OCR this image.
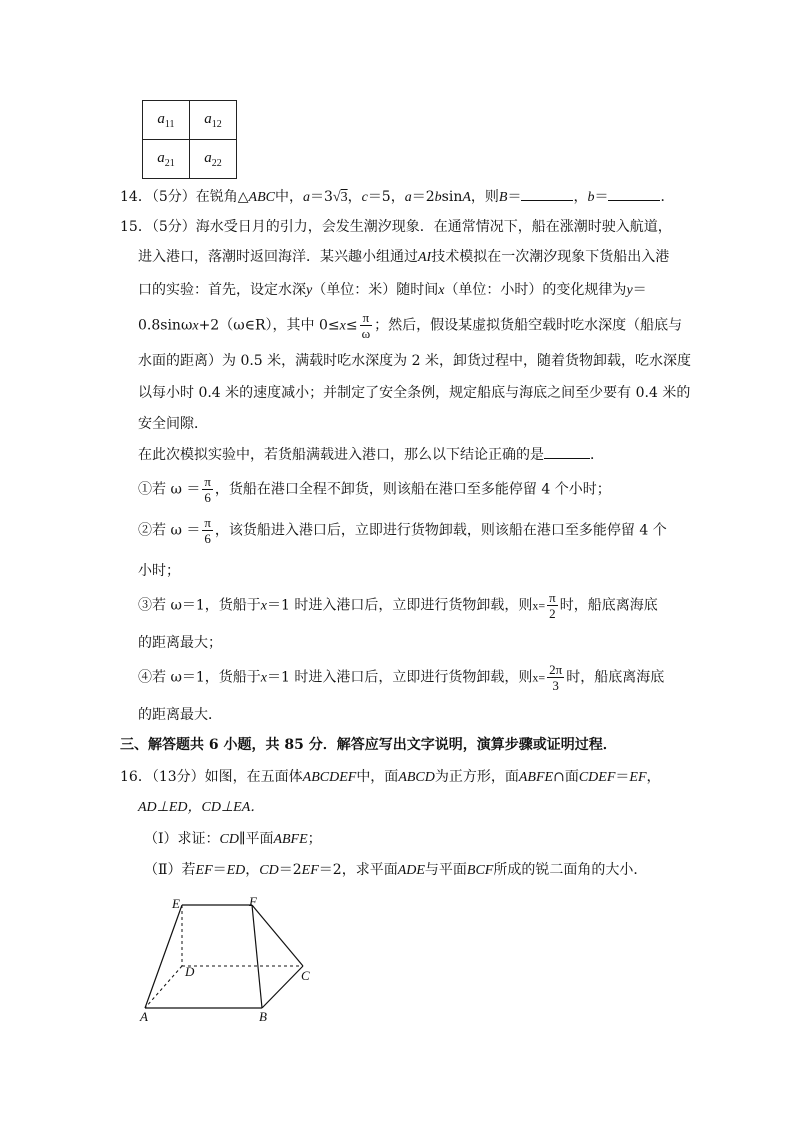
$a_{11}$	$a_{12}$
$a_{21}$	$a_{22}$
14．（5分）在锐角△ABC中，a＝3√3，c＝5，a＝2bsinA，则B＝	，b＝	．
15．（5分）海水受日月的引力，会发生潮汐现象．在通常情况下，船在涨潮时驶入航道，
进入港口，落潮时返回海洋．某兴趣小组通过AI技术模拟在一次潮汐现象下货船出入港
口的实验：首先，设定水深y（单位：米）随时间x（单位：小时）的变化规律为y＝
0.8sinωx+2（ω∈R），其中 $0\le x\le \frac{\pi}{\omega}$ ；然后，假设某虚拟货船空载时吃水深度（船底与
水面的距离）为 0.5 米，满载时吃水深度为 2 米，卸货过程中，随着货物卸载，吃水深度
以每小时 0.4 米的速度减小；并制定了安全条例，规定船底与海底之间至少要有 0.4 米的
安全间隙．
在此次模拟实验中，若货船满载进入港口，那么以下结论正确的是	．
①若 $\omega = \frac{\pi}{6}$ ，货船在港口全程不卸货，则该船在港口至多能停留 4 个小时；
②若 $\omega = \frac{\pi}{6}$ ，该货船进入港口后，立即进行货物卸载，则该船在港口至多能停留 4 个
小时；
③若 ω＝1，货船于x＝1 时进入港口后，立即进行货物卸载，则$x= \frac{\pi}{2}$ 时，船底离海底
的距离最大；
④若 ω＝1，货船于x＝1 时进入港口后，立即进行货物卸载，则$x= \frac{2\pi}{3}$ 时，船底离海底
的距离最大．
三、解答题共 6 小题，共 85 分．解答应写出文字说明，演算步骤或证明过程．
16．（13分）如图，在五面体ABCDEF中，面ABCD为正方形，面ABFE∩面CDEF＝EF，
AD⊥ED，CD⊥EA．
（Ⅰ）求证：CD∥平面ABFE；
（Ⅱ）若EF＝ED，CD＝2EF＝2，求平面ADE与平面BCF所成的锐二面角的大小．
E	F
D	C
A	B
